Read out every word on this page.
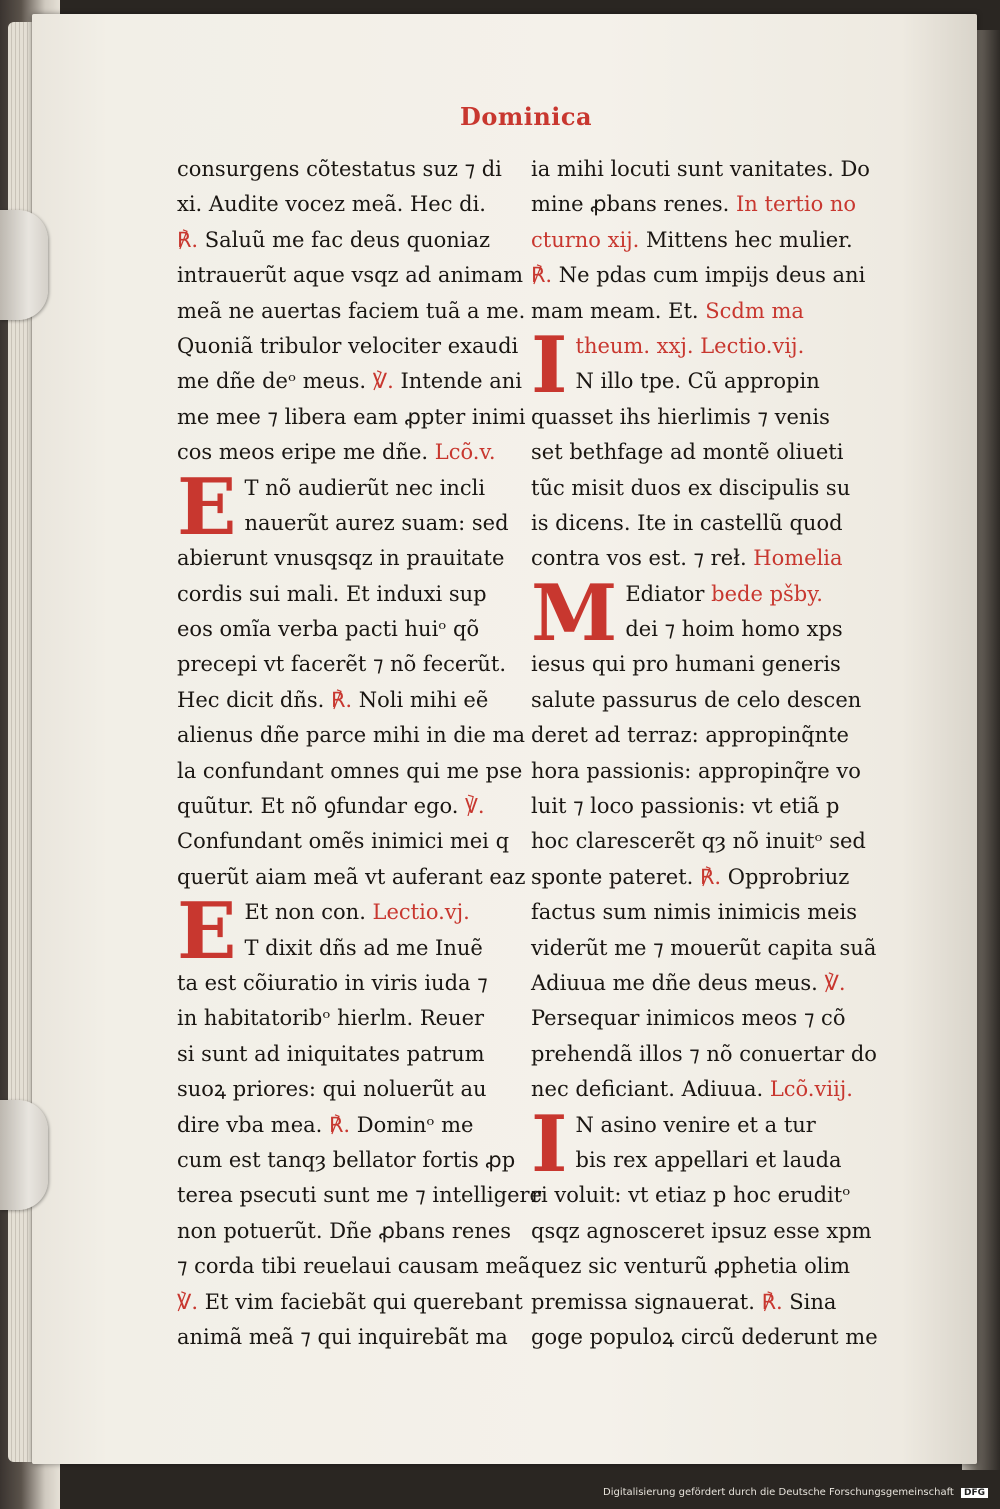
Dominica
consurgens cõtestatus suz ⁊ di
xi. Audite vocez meã. Hec di.
℟. Saluũ me fac deus quoniaz
intrauerũt aque vsqz ad animam
meã ne auertas faciem tuã a me.
Quoniã tribulor velociter exaudi
me dñe deᵒ meus. ℣. Intende ani
me mee ⁊ libera eam ꝓpter inimi
cos meos eripe me dñe. Lcõ.v.
E T nõ audierũt nec incli
nauerũt aurez suam: sed
abierunt vnusqsqz in prauitate
cordis sui mali. Et induxi sup
eos omĩa verba pacti huiᵒ qõ
precepi vt facerẽt ⁊ nõ fecerũt.
Hec dicit dñs. ℟. Noli mihi eẽ
alienus dñe parce mihi in die ma
la confundant omnes qui me pse
quũtur. Et nõ ꝯfundar ego. ℣.
Confundant omẽs inimici mei q
querũt aiam meã vt auferant eaz
E Et non con. Lectio.vj.
T dixit dñs ad me Inuẽ
ta est cõiuratio in viris iuda ⁊
in habitatoribᵒ hierlm. Reuer
si sunt ad iniquitates patrum
suoꝝ priores: qui noluerũt au
dire vba mea. ℟. Dominᵒ me
cum est tanqȝ bellator fortis ꝓp
terea psecuti sunt me ⁊ intelligere
non potuerũt. Dñe ꝓbans renes
⁊ corda tibi reuelaui causam meã
℣. Et vim faciebãt qui querebant
animã meã ⁊ qui inquirebãt ma
ia mihi locuti sunt vanitates. Do
mine ꝓbans renes. In tertio no
cturno xij. Mittens hec mulier.
℟. Ne pdas cum impijs deus ani
mam meam. Et. Scdm ma
Itheum. xxj. Lectio.vij.
N illo tpe. Cũ appropin
quasset ihs hierlimis ⁊ venis
set bethfage ad montẽ oliueti
tũc misit duos ex discipulis su
is dicens. Ite in castellũ quod
contra vos est. ⁊ reł. Homelia
M Ediator bede pšby.
dei ⁊ hoim homo xps
iesus qui pro humani generis
salute passurus de celo descen
deret ad terraz: appropinq̃nte
hora passionis: appropinq̃re vo
luit ⁊ loco passionis: vt etiã p
hoc clarescerẽt qȝ nõ inuitᵒ sed
sponte pateret. ℟. Opprobriuz
factus sum nimis inimicis meis
viderũt me ⁊ mouerũt capita suã
Adiuua me dñe deus meus. ℣.
Persequar inimicos meos ⁊ cõ
prehendã illos ⁊ nõ conuertar do
nec deficiant. Adiuua. Lcõ.viij.
I N asino venire et a tur
bis rex appellari et lauda
ri voluit: vt etiaz p hoc eruditᵒ
qsqz agnosceret ipsuz esse xpm
quez sic venturũ ꝓphetia olim
premissa signauerat. ℟. Sina
goge populoꝝ circũ dederunt me
Digitalisierung gefördert durch die Deutsche Forschungsgemeinschaft DFG
